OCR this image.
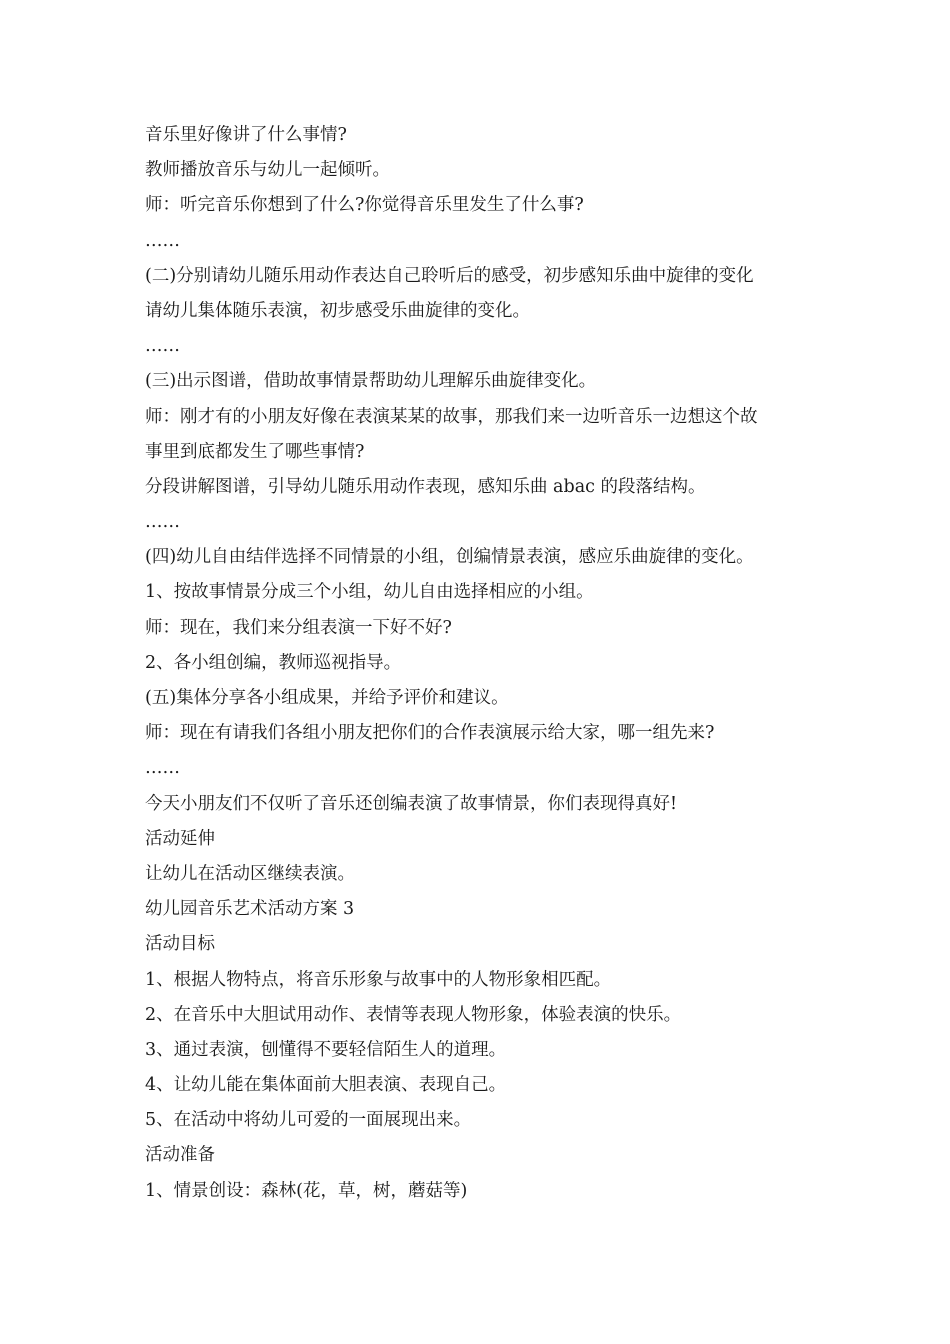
音乐里好像讲了什么事情?
教师播放音乐与幼儿一起倾听。
师：听完音乐你想到了什么?你觉得音乐里发生了什么事?
……
(二)分别请幼儿随乐用动作表达自己聆听后的感受，初步感知乐曲中旋律的变化
请幼儿集体随乐表演，初步感受乐曲旋律的变化。
……
(三)出示图谱，借助故事情景帮助幼儿理解乐曲旋律变化。
师：刚才有的小朋友好像在表演某某的故事，那我们来一边听音乐一边想这个故
事里到底都发生了哪些事情?
分段讲解图谱，引导幼儿随乐用动作表现，感知乐曲 abac 的段落结构。
……
(四)幼儿自由结伴选择不同情景的小组，创编情景表演，感应乐曲旋律的变化。
1、按故事情景分成三个小组，幼儿自由选择相应的小组。
师：现在，我们来分组表演一下好不好?
2、各小组创编，教师巡视指导。
(五)集体分享各小组成果，并给予评价和建议。
师：现在有请我们各组小朋友把你们的合作表演展示给大家，哪一组先来?
……
今天小朋友们不仅听了音乐还创编表演了故事情景，你们表现得真好!
活动延伸
让幼儿在活动区继续表演。
幼儿园音乐艺术活动方案 3
活动目标
1、根据人物特点，将音乐形象与故事中的人物形象相匹配。
2、在音乐中大胆试用动作、表情等表现人物形象，体验表演的快乐。
3、通过表演，刨懂得不要轻信陌生人的道理。
4、让幼儿能在集体面前大胆表演、表现自己。
5、在活动中将幼儿可爱的一面展现出来。
活动准备
1、情景创设：森林(花，草，树，蘑菇等)
